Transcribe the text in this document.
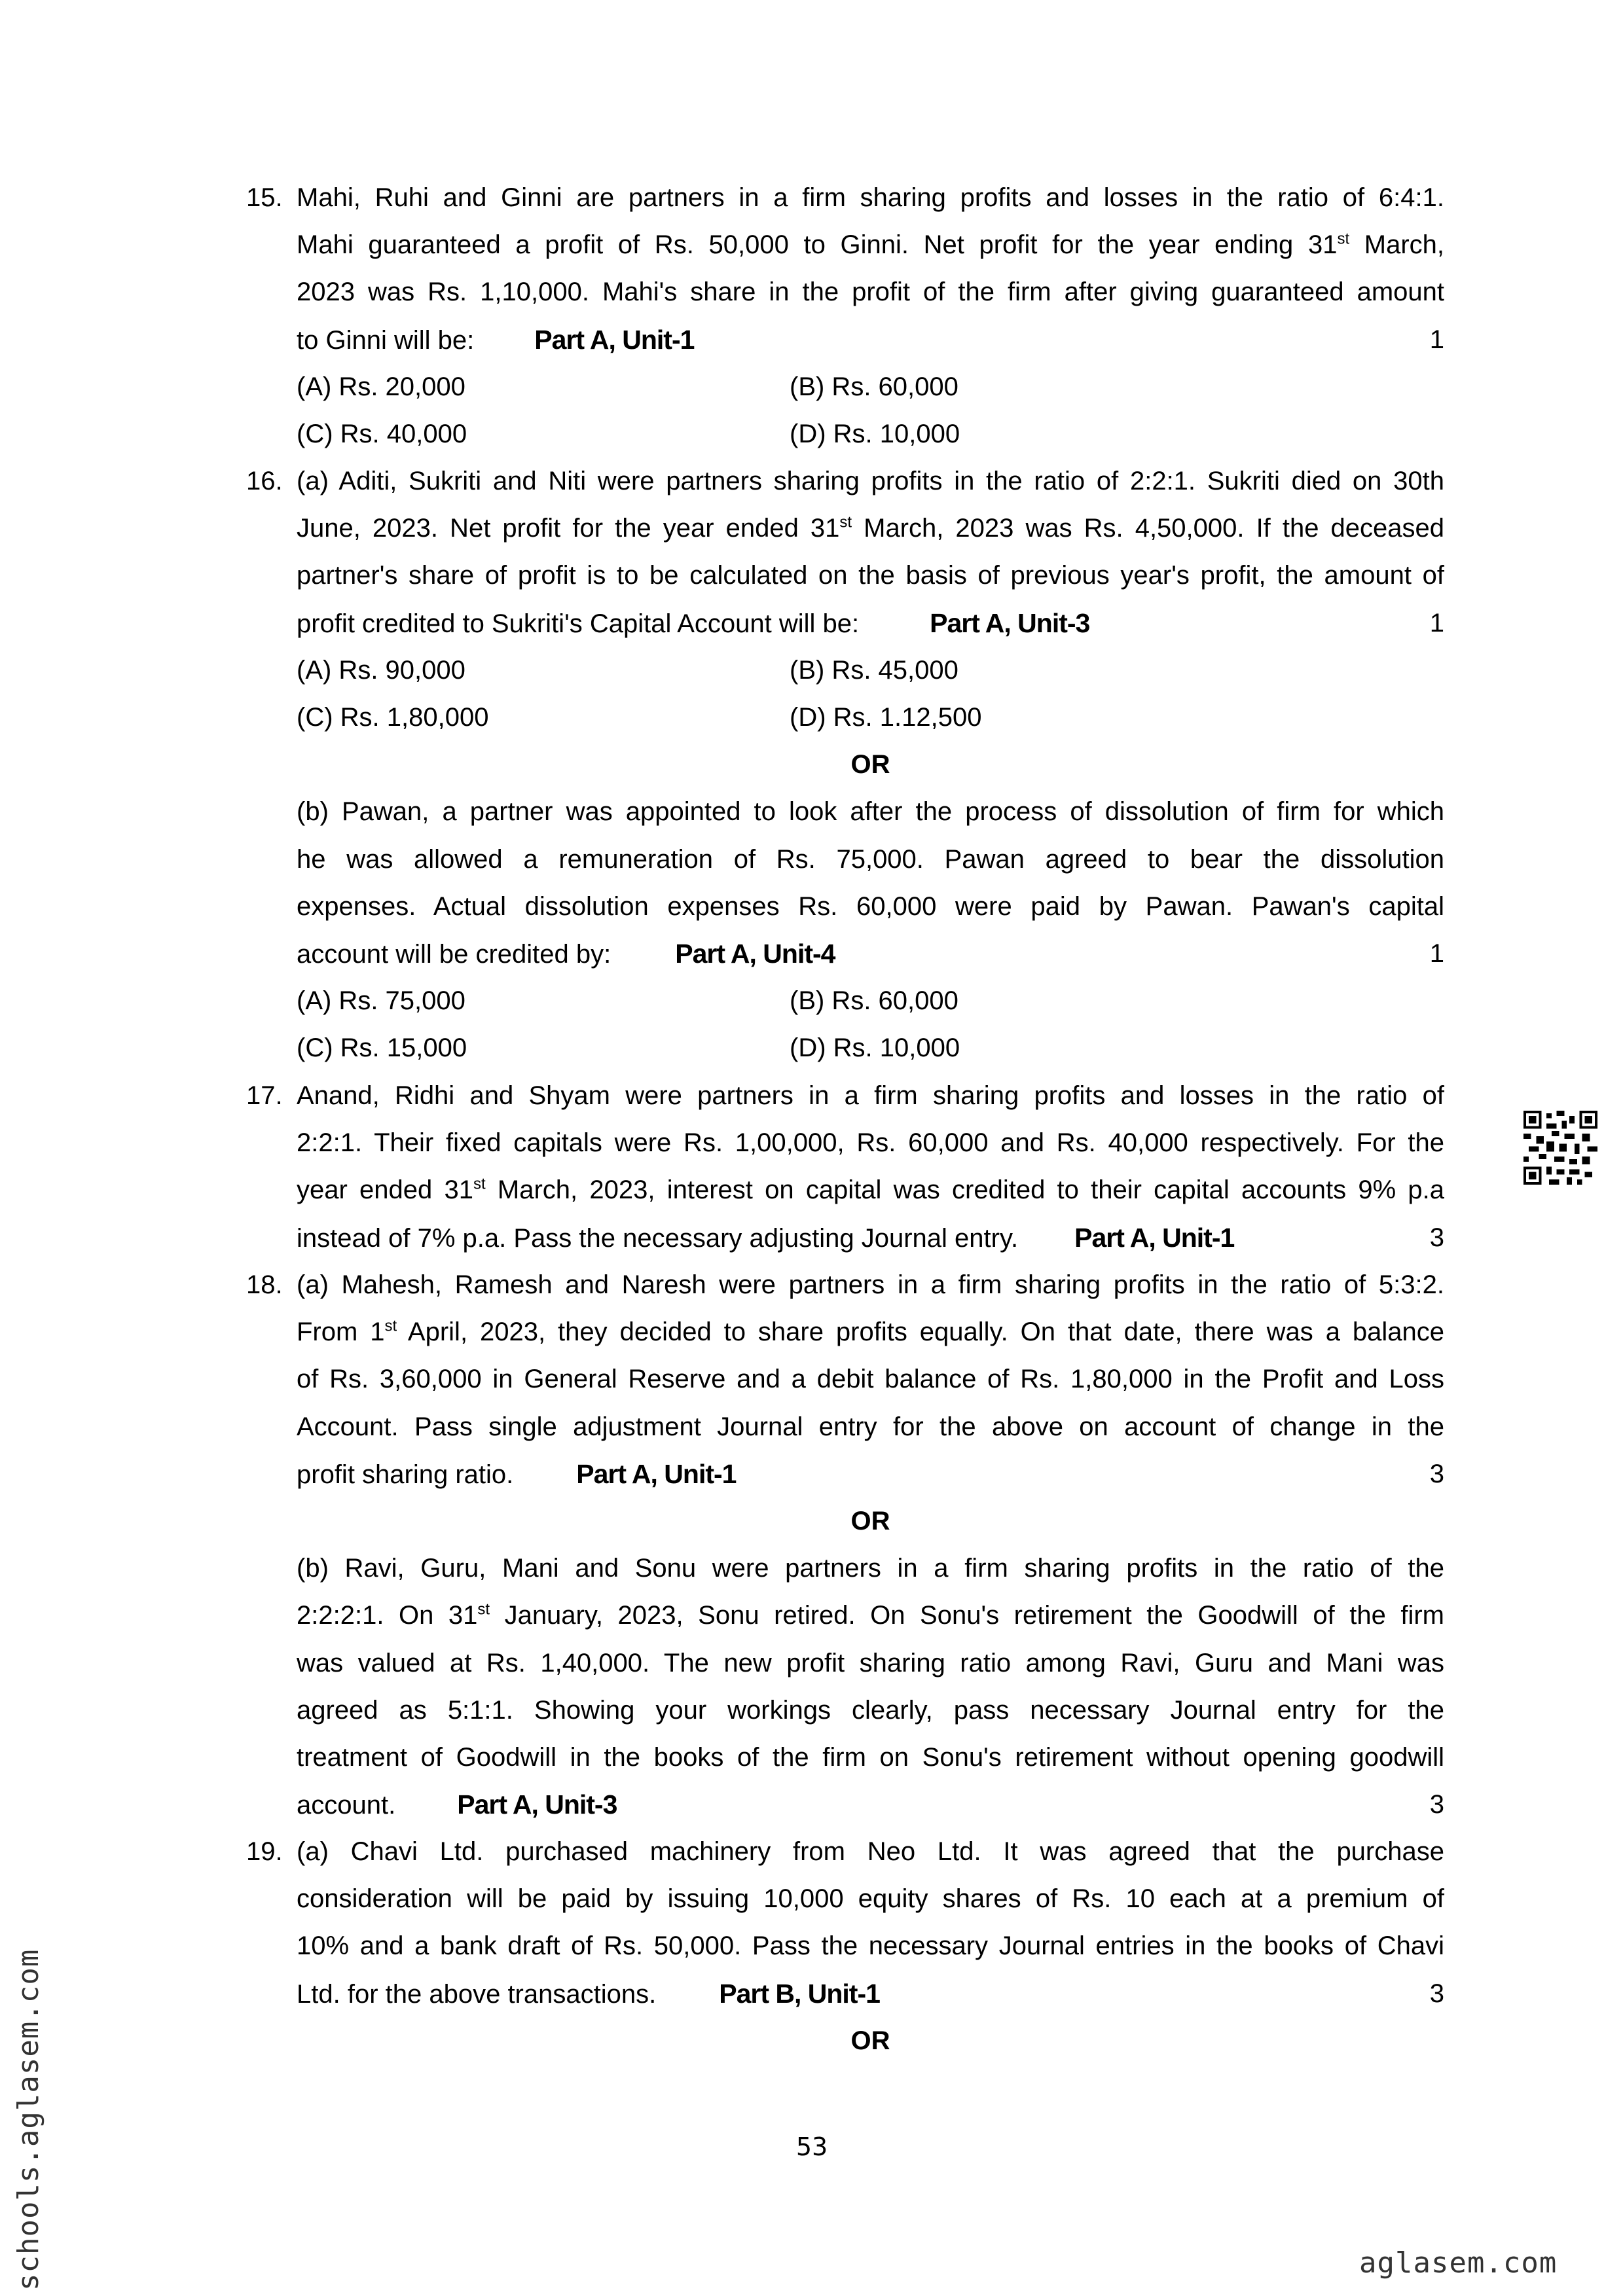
15. Mahi, Ruhi and Ginni are partners in a firm sharing profits and losses in the ratio of 6:4:1.
Mahi guaranteed a profit of Rs. 50,000 to Ginni. Net profit for the year ending 31st March,
2023 was Rs. 1,10,000. Mahi's share in the profit of the firm after giving guaranteed amount
to Ginni will be: Part A, Unit-1	1
(A) Rs. 20,000	(B) Rs. 60,000
(C) Rs. 40,000	(D) Rs. 10,000
16. (a) Aditi, Sukriti and Niti were partners sharing profits in the ratio of 2:2:1. Sukriti died on 30th
June, 2023. Net profit for the year ended 31st March, 2023 was Rs. 4,50,000. If the deceased
partner's share of profit is to be calculated on the basis of previous year's profit, the amount of
profit credited to Sukriti's Capital Account will be:	Part A, Unit-3	1
(A) Rs. 90,000	(B) Rs. 45,000
(C) Rs. 1,80,000	(D) Rs. 1.12,500
OR
(b) Pawan, a partner was appointed to look after the process of dissolution of firm for which
he was allowed a remuneration of Rs. 75,000. Pawan agreed to bear the dissolution
expenses. Actual dissolution expenses Rs. 60,000 were paid by Pawan. Pawan's capital
account will be credited by: Part A, Unit-4	1
(A) Rs. 75,000	(B) Rs. 60,000
(C) Rs. 15,000	(D) Rs. 10,000
17. Anand, Ridhi and Shyam were partners in a firm sharing profits and losses in the ratio of
2:2:1. Their fixed capitals were Rs. 1,00,000, Rs. 60,000 and Rs. 40,000 respectively. For the
year ended 31st March, 2023, interest on capital was credited to their capital accounts 9% p.a
instead of 7% p.a. Pass the necessary adjusting Journal entry. Part A, Unit-1	3
18. (a) Mahesh, Ramesh and Naresh were partners in a firm sharing profits in the ratio of 5:3:2.
From 1st April, 2023, they decided to share profits equally. On that date, there was a balance
of Rs. 3,60,000 in General Reserve and a debit balance of Rs. 1,80,000 in the Profit and Loss
Account. Pass single adjustment Journal entry for the above on account of change in the
profit sharing ratio. Part A, Unit-1	3
OR
(b) Ravi, Guru, Mani and Sonu were partners in a firm sharing profits in the ratio of the
2:2:2:1. On 31st January, 2023, Sonu retired. On Sonu's retirement the Goodwill of the firm
was valued at Rs. 1,40,000. The new profit sharing ratio among Ravi, Guru and Mani was
agreed as 5:1:1. Showing your workings clearly, pass necessary Journal entry for the
treatment of Goodwill in the books of the firm on Sonu's retirement without opening goodwill
account. Part A, Unit-3	3
19. (a) Chavi Ltd. purchased machinery from Neo Ltd. It was agreed that the purchase
consideration will be paid by issuing 10,000 equity shares of Rs. 10 each at a premium of
10% and a bank draft of Rs. 50,000. Pass the necessary Journal entries in the books of Chavi
Ltd. for the above transactions. Part B, Unit-1	3
OR
53
aglasem.com
schools.aglasem.com
